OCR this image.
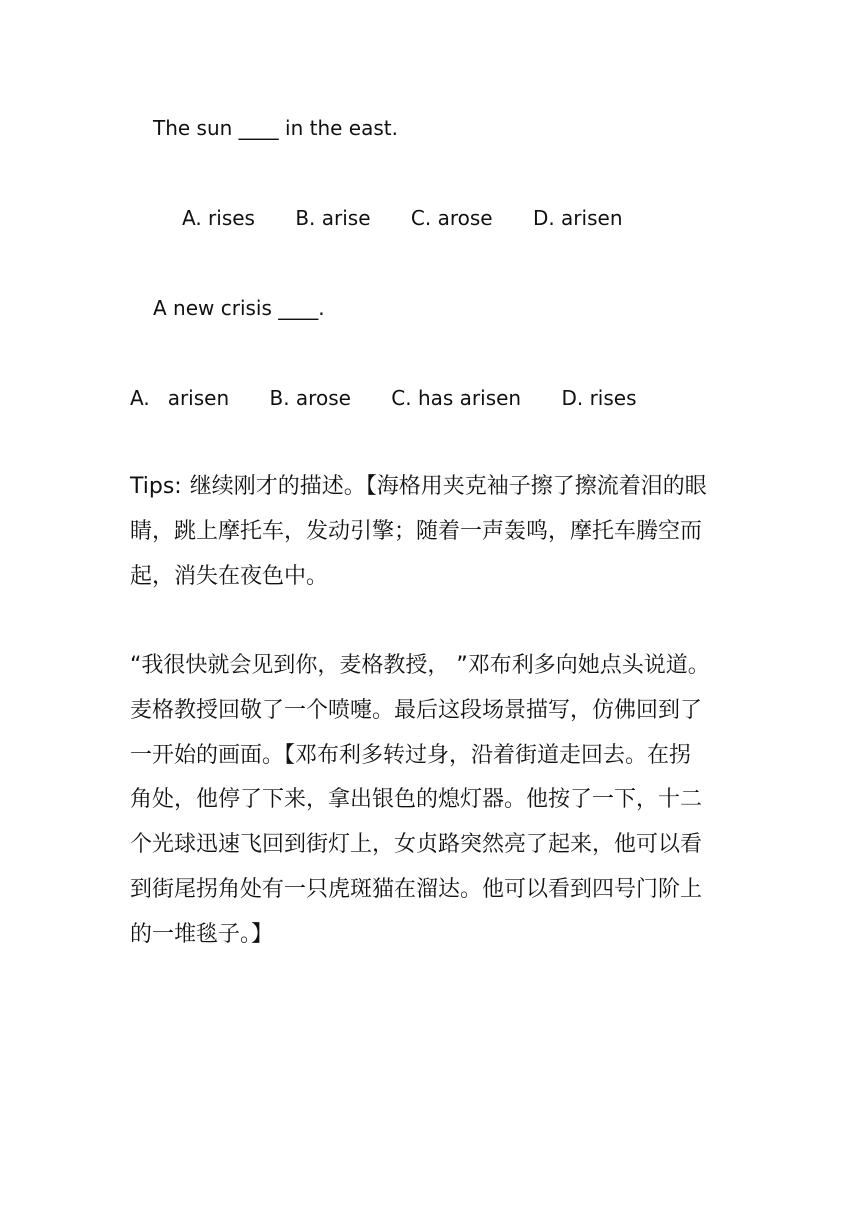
The sun ____ in the east.
A. rises B. arise C. arose D. arisen
A new crisis ____.
A. arisen B. arose C. has arisen D. rises
Tips: 继续刚才的描述。【海格用夹克袖子擦了擦流着泪的眼
睛，跳上摩托车，发动引擎；随着一声轰鸣，摩托车腾空而
起，消失在夜色中。
“我很快就会见到你，麦格教授， ”邓布利多向她点头说道。
麦格教授回敬了一个喷嚏。最后这段场景描写，仿佛回到了
一开始的画面。【邓布利多转过身，沿着街道走回去。在拐
角处，他停了下来，拿出银色的熄灯器。他按了一下，十二
个光球迅速飞回到街灯上，女贞路突然亮了起来，他可以看
到街尾拐角处有一只虎斑猫在溜达。他可以看到四号门阶上
的一堆毯子。】
